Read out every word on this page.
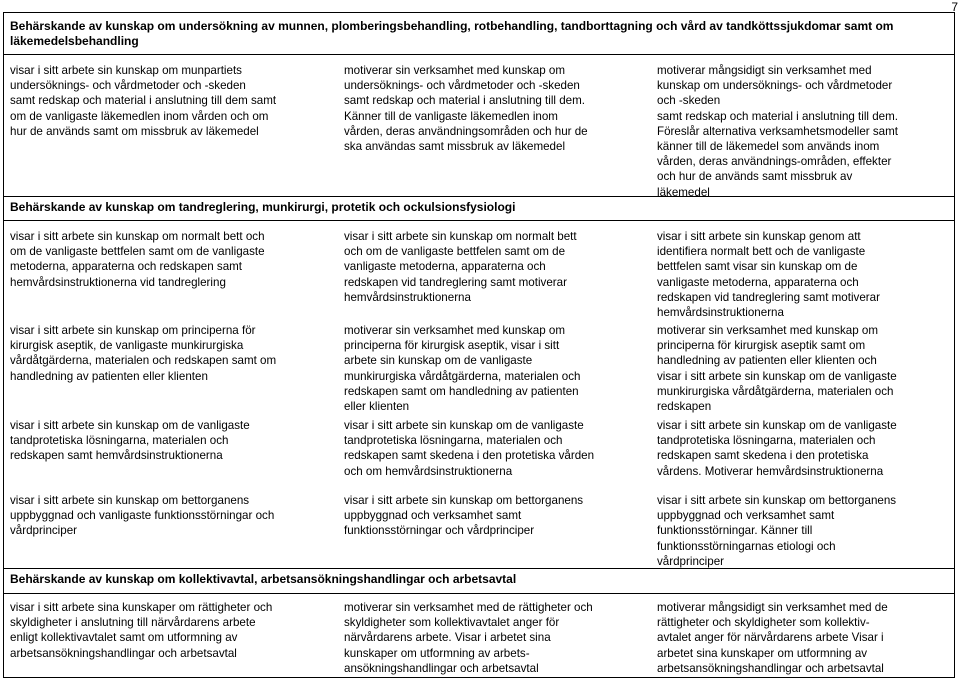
7
Behärskande av kunskap om undersökning av munnen, plomberingsbehandling, rotbehandling, tandborttagning och vård av tandköttssjukdomar samt om
läkemedelsbehandling
visar i sitt arbete sin kunskap om munpartiets
undersöknings- och vårdmetoder och -skeden
samt redskap och material i anslutning till dem samt
om de vanligaste läkemedlen inom vården och om
hur de används samt om missbruk av läkemedel
motiverar sin verksamhet med kunskap om
undersöknings- och vårdmetoder och -skeden
samt redskap och material i anslutning till dem.
Känner till de vanligaste läkemedlen inom
vården, deras användningsområden och hur de
ska användas samt missbruk av läkemedel
motiverar mångsidigt sin verksamhet med
kunskap om undersöknings- och vårdmetoder
och -skeden
samt redskap och material i anslutning till dem.
Föreslår alternativa verksamhetsmodeller samt
känner till de läkemedel som används inom
vården, deras användnings-områden, effekter
och hur de används samt missbruk av
läkemedel
Behärskande av kunskap om tandreglering, munkirurgi, protetik och ockulsionsfysiologi
visar i sitt arbete sin kunskap om normalt bett och
om de vanligaste bettfelen samt om de vanligaste
metoderna, apparaterna och redskapen samt
hemvårdsinstruktionerna vid tandreglering
visar i sitt arbete sin kunskap om normalt bett
och om de vanligaste bettfelen samt om de
vanligaste metoderna, apparaterna och
redskapen vid tandreglering samt motiverar
hemvårdsinstruktionerna
visar i sitt arbete sin kunskap genom att
identifiera normalt bett och de vanligaste
bettfelen samt visar sin kunskap om de
vanligaste metoderna, apparaterna och
redskapen vid tandreglering samt motiverar
hemvårdsinstruktionerna
visar i sitt arbete sin kunskap om principerna för
kirurgisk aseptik, de vanligaste munkirurgiska
vårdåtgärderna, materialen och redskapen samt om
handledning av patienten eller klienten
motiverar sin verksamhet med kunskap om
principerna för kirurgisk aseptik, visar i sitt
arbete sin kunskap om de vanligaste
munkirurgiska vårdåtgärderna, materialen och
redskapen samt om handledning av patienten
eller klienten
motiverar sin verksamhet med kunskap om
principerna för kirurgisk aseptik samt om
handledning av patienten eller klienten och
visar i sitt arbete sin kunskap om de vanligaste
munkirurgiska vårdåtgärderna, materialen och
redskapen
visar i sitt arbete sin kunskap om de vanligaste
tandprotetiska lösningarna, materialen och
redskapen samt hemvårdsinstruktionerna
visar i sitt arbete sin kunskap om de vanligaste
tandprotetiska lösningarna, materialen och
redskapen samt skedena i den protetiska vården
och om hemvårdsinstruktionerna
visar i sitt arbete sin kunskap om de vanligaste
tandprotetiska lösningarna, materialen och
redskapen samt skedena i den protetiska
vårdens. Motiverar hemvårdsinstruktionerna
visar i sitt arbete sin kunskap om bettorganens
uppbyggnad och vanligaste funktionsstörningar och
vårdprinciper
visar i sitt arbete sin kunskap om bettorganens
uppbyggnad och verksamhet samt
funktionsstörningar och vårdprinciper
visar i sitt arbete sin kunskap om bettorganens
uppbyggnad och verksamhet samt
funktionsstörningar. Känner till
funktionsstörningarnas etiologi och
vårdprinciper
Behärskande av kunskap om kollektivavtal, arbetsansökningshandlingar och arbetsavtal
visar i sitt arbete sina kunskaper om rättigheter och
skyldigheter i anslutning till närvårdarens arbete
enligt kollektivavtalet samt om utformning av
arbetsansökningshandlingar och arbetsavtal
motiverar sin verksamhet med de rättigheter och
skyldigheter som kollektivavtalet anger för
närvårdarens arbete. Visar i arbetet sina
kunskaper om utformning av arbets-
ansökningshandlingar och arbetsavtal
motiverar mångsidigt sin verksamhet med de
rättigheter och skyldigheter som kollektiv-
avtalet anger för närvårdarens arbete Visar i
arbetet sina kunskaper om utformning av
arbetsansökningshandlingar och arbetsavtal
